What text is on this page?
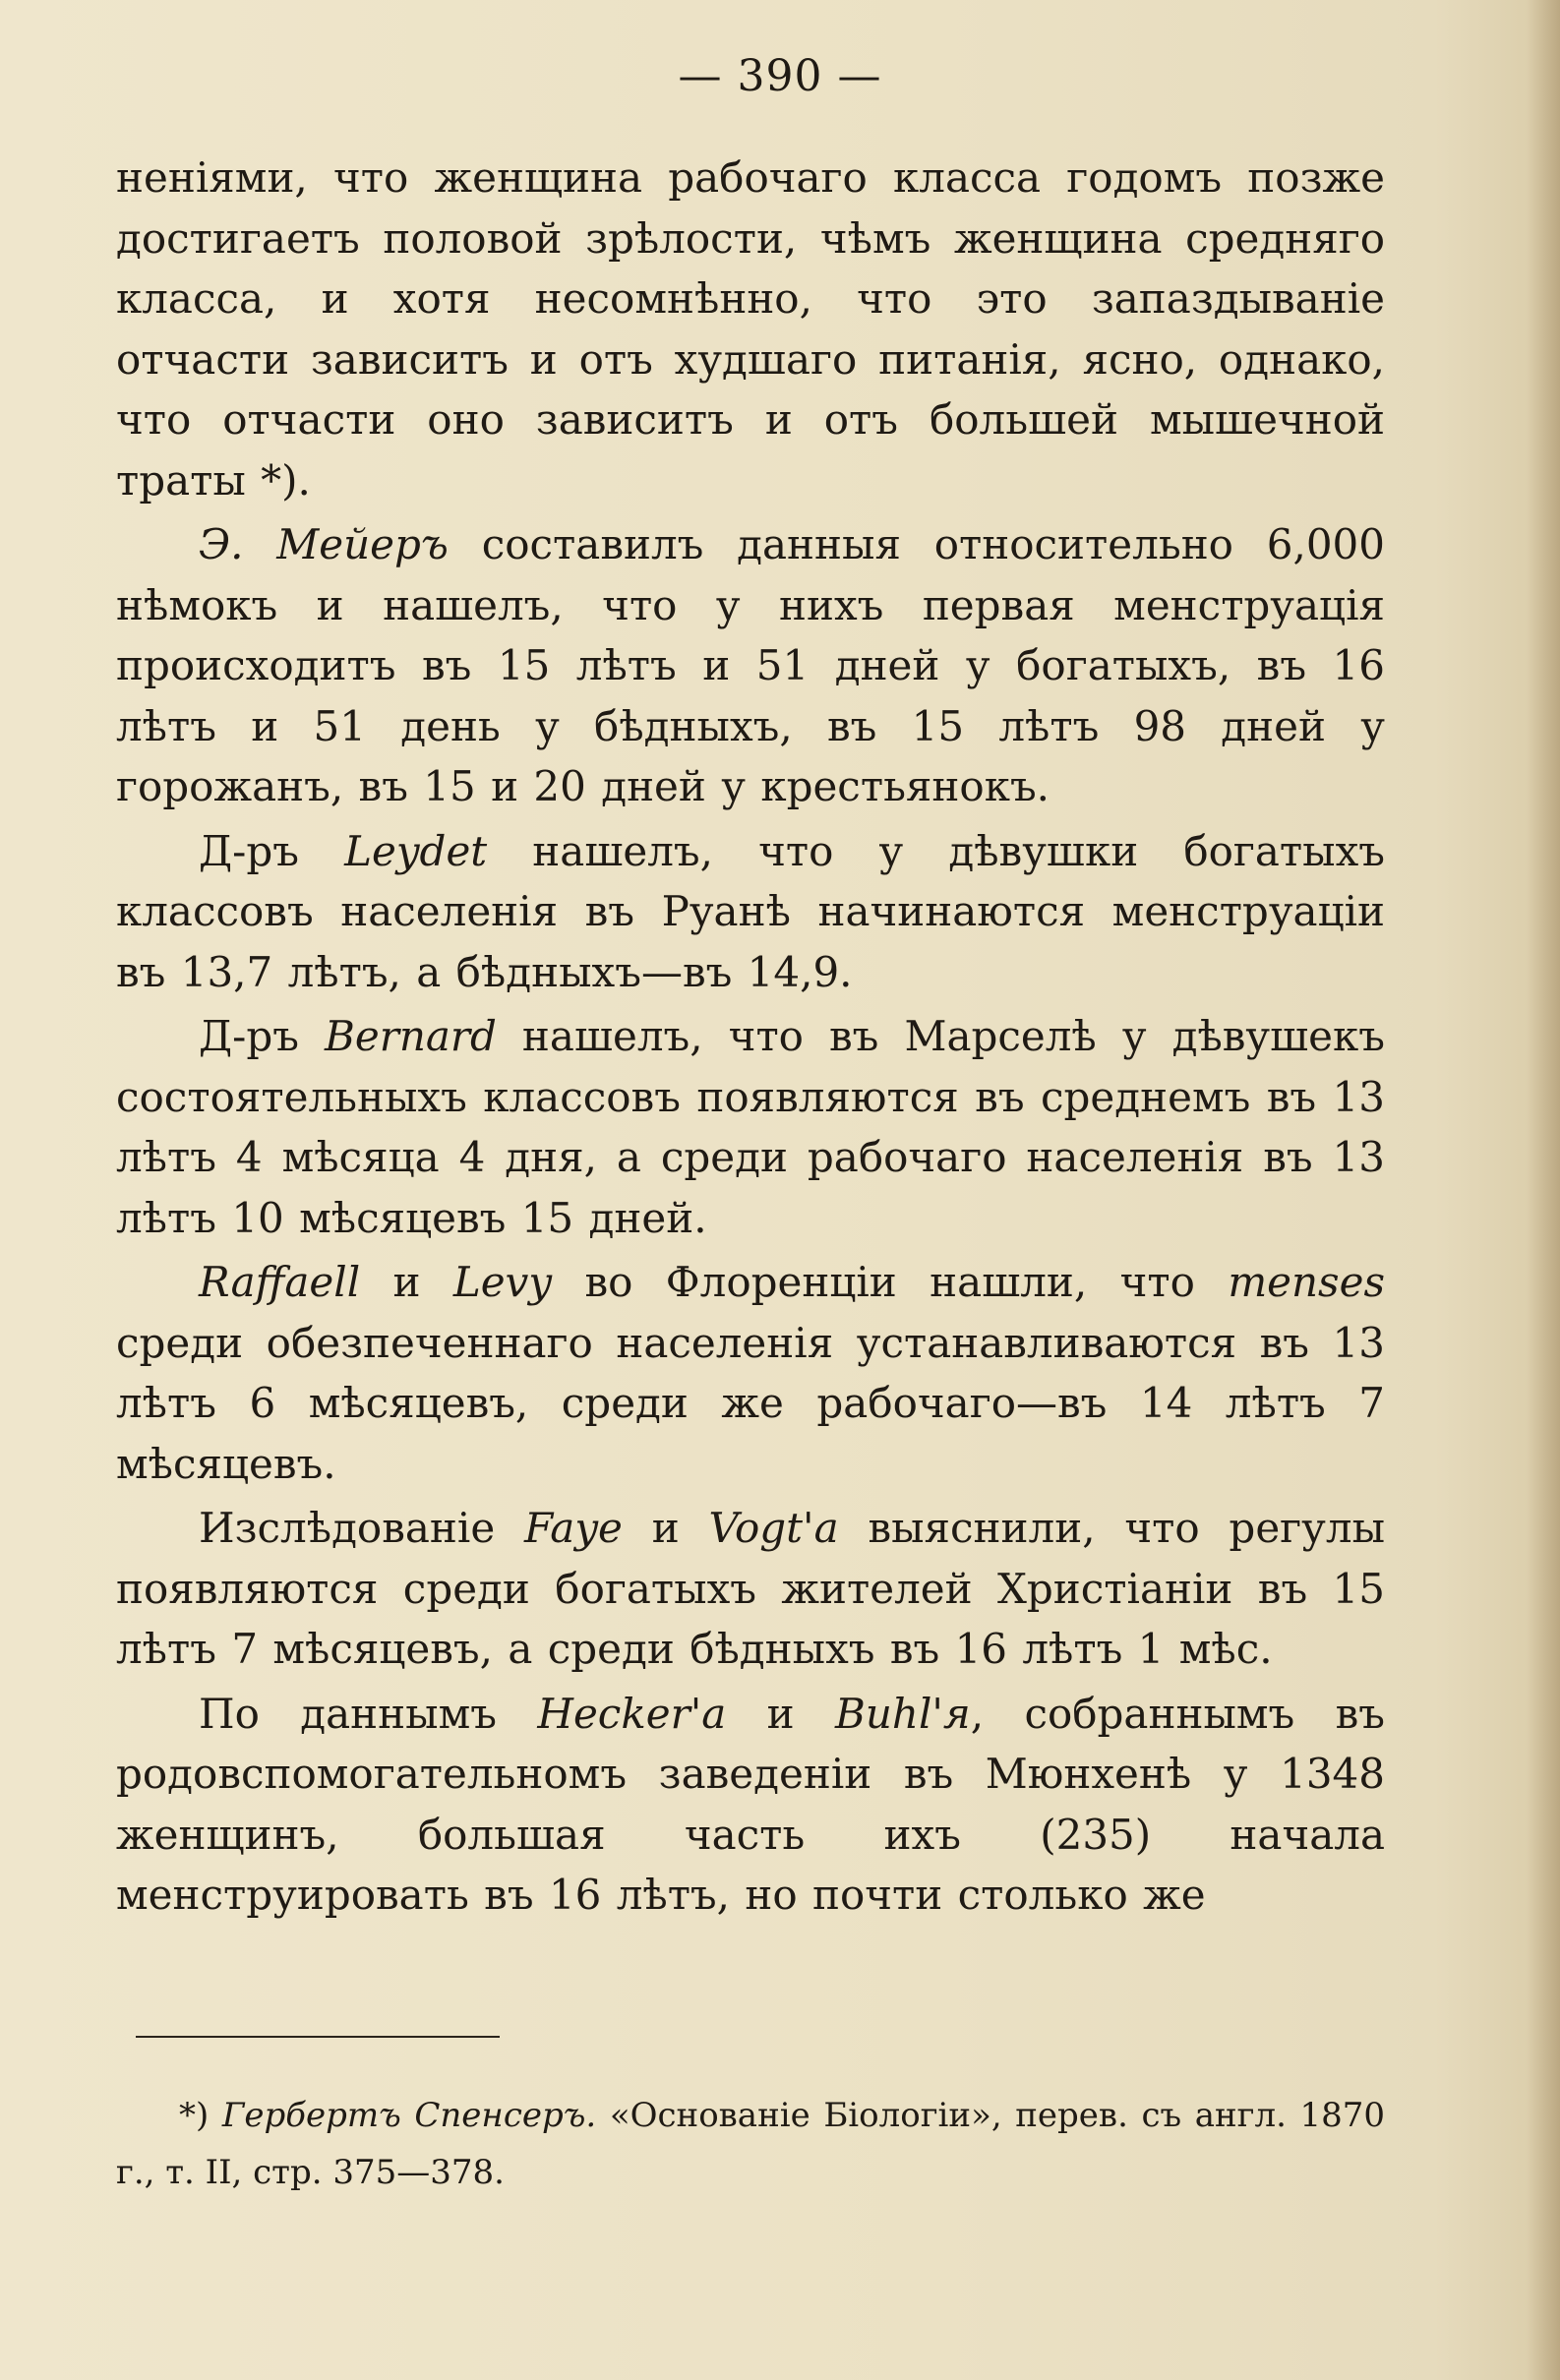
— 390 —

неніями, что женщина рабочаго класса годомъ позже достигаетъ половой зрѣлости, чѣмъ женщина средняго класса, и хотя несомнѣнно, что это запаздываніе отчасти зависитъ и отъ худшаго питанія, ясно, однако, что отчасти оно зависитъ и отъ большей мышечной траты *).

Э. Мейеръ составилъ данныя относительно 6,000 нѣмокъ и нашелъ, что у нихъ первая менструація происходитъ въ 15 лѣтъ и 51 дней у богатыхъ, въ 16 лѣтъ и 51 день у бѣдныхъ, въ 15 лѣтъ 98 дней у горожанъ, въ 15 и 20 дней у крестьянокъ.

Д-ръ Leydet нашелъ, что у дѣвушки богатыхъ классовъ населенія въ Руанѣ начинаются менструаціи въ 13,7 лѣтъ, а бѣдныхъ—въ 14,9.

Д-ръ Bernard нашелъ, что въ Марселѣ у дѣвушекъ состоятельныхъ классовъ появляются въ среднемъ въ 13 лѣтъ 4 мѣсяца 4 дня, а среди рабочаго населенія въ 13 лѣтъ 10 мѣсяцевъ 15 дней.

Raffaell и Levy во Флоренціи нашли, что menses среди обезпеченнаго населенія устанавливаются въ 13 лѣтъ 6 мѣсяцевъ, среди же рабочаго—въ 14 лѣтъ 7 мѣсяцевъ.

Изслѣдованіе Faye и Vogt'a выяснили, что регулы появляются среди богатыхъ жителей Христіаніи въ 15 лѣтъ 7 мѣсяцевъ, а среди бѣдныхъ въ 16 лѣтъ 1 мѣс.

По даннымъ Hecker'a и Buhl'я, собраннымъ въ родовспомогательномъ заведеніи въ Мюнхенѣ у 1348 женщинъ, большая часть ихъ (235) начала менструировать въ 16 лѣтъ, но почти столько же

*) Гербертъ Спенсеръ. «Основаніе Біологіи», перев. съ англ. 1870 г., т. II, стр. 375—378.
